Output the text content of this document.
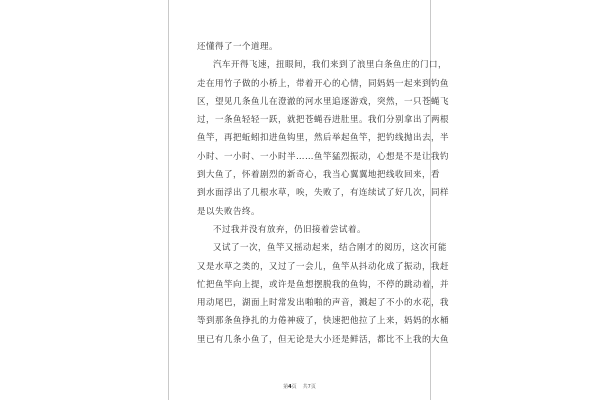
还懂得了一个道理。
汽车开得飞速，扭眼间，我们来到了浪里白条鱼庄的门口，
走在用竹子做的小桥上，带着开心的心情，同妈妈一起来到钓鱼
区，望见几条鱼儿在澄澈的河水里追逐游戏，突然，一只苍蝇飞
过，一条鱼轻轻一跃，就把苍蝇吞进肚里。我们分别拿出了两根
鱼竿，再把蚯蚓扣进鱼钩里，然后举起鱼竿，把钓线抛出去，半
小时、一小时、一小时半……鱼竿猛烈振动，心想是不是让我钓
到大鱼了，怀着剧烈的新奇心，我当心翼翼地把线收回来，看
到水面浮出了几根水草，唉，失败了，有连续试了好几次，同样
是以失败告终。
不过我并没有放弃，仍旧接着尝试着。
又试了一次，鱼竿又摇动起来，结合刚才的阅历，这次可能
又是水草之类的，又过了一会儿，鱼竿从抖动化成了振动，我赶
忙把鱼竿向上提，或许是鱼想摆脱我的鱼钩，不停的跳动着，并
用动尾巴，湖面上时常发出啪啪的声音，溅起了不小的水花，我
等到那条鱼挣扎的力倦神疲了，快速把他拉了上来，妈妈的水桶
里已有几条小鱼了，但无论是大小还是鲜活，都比不上我的大鱼
第4页 共7页
